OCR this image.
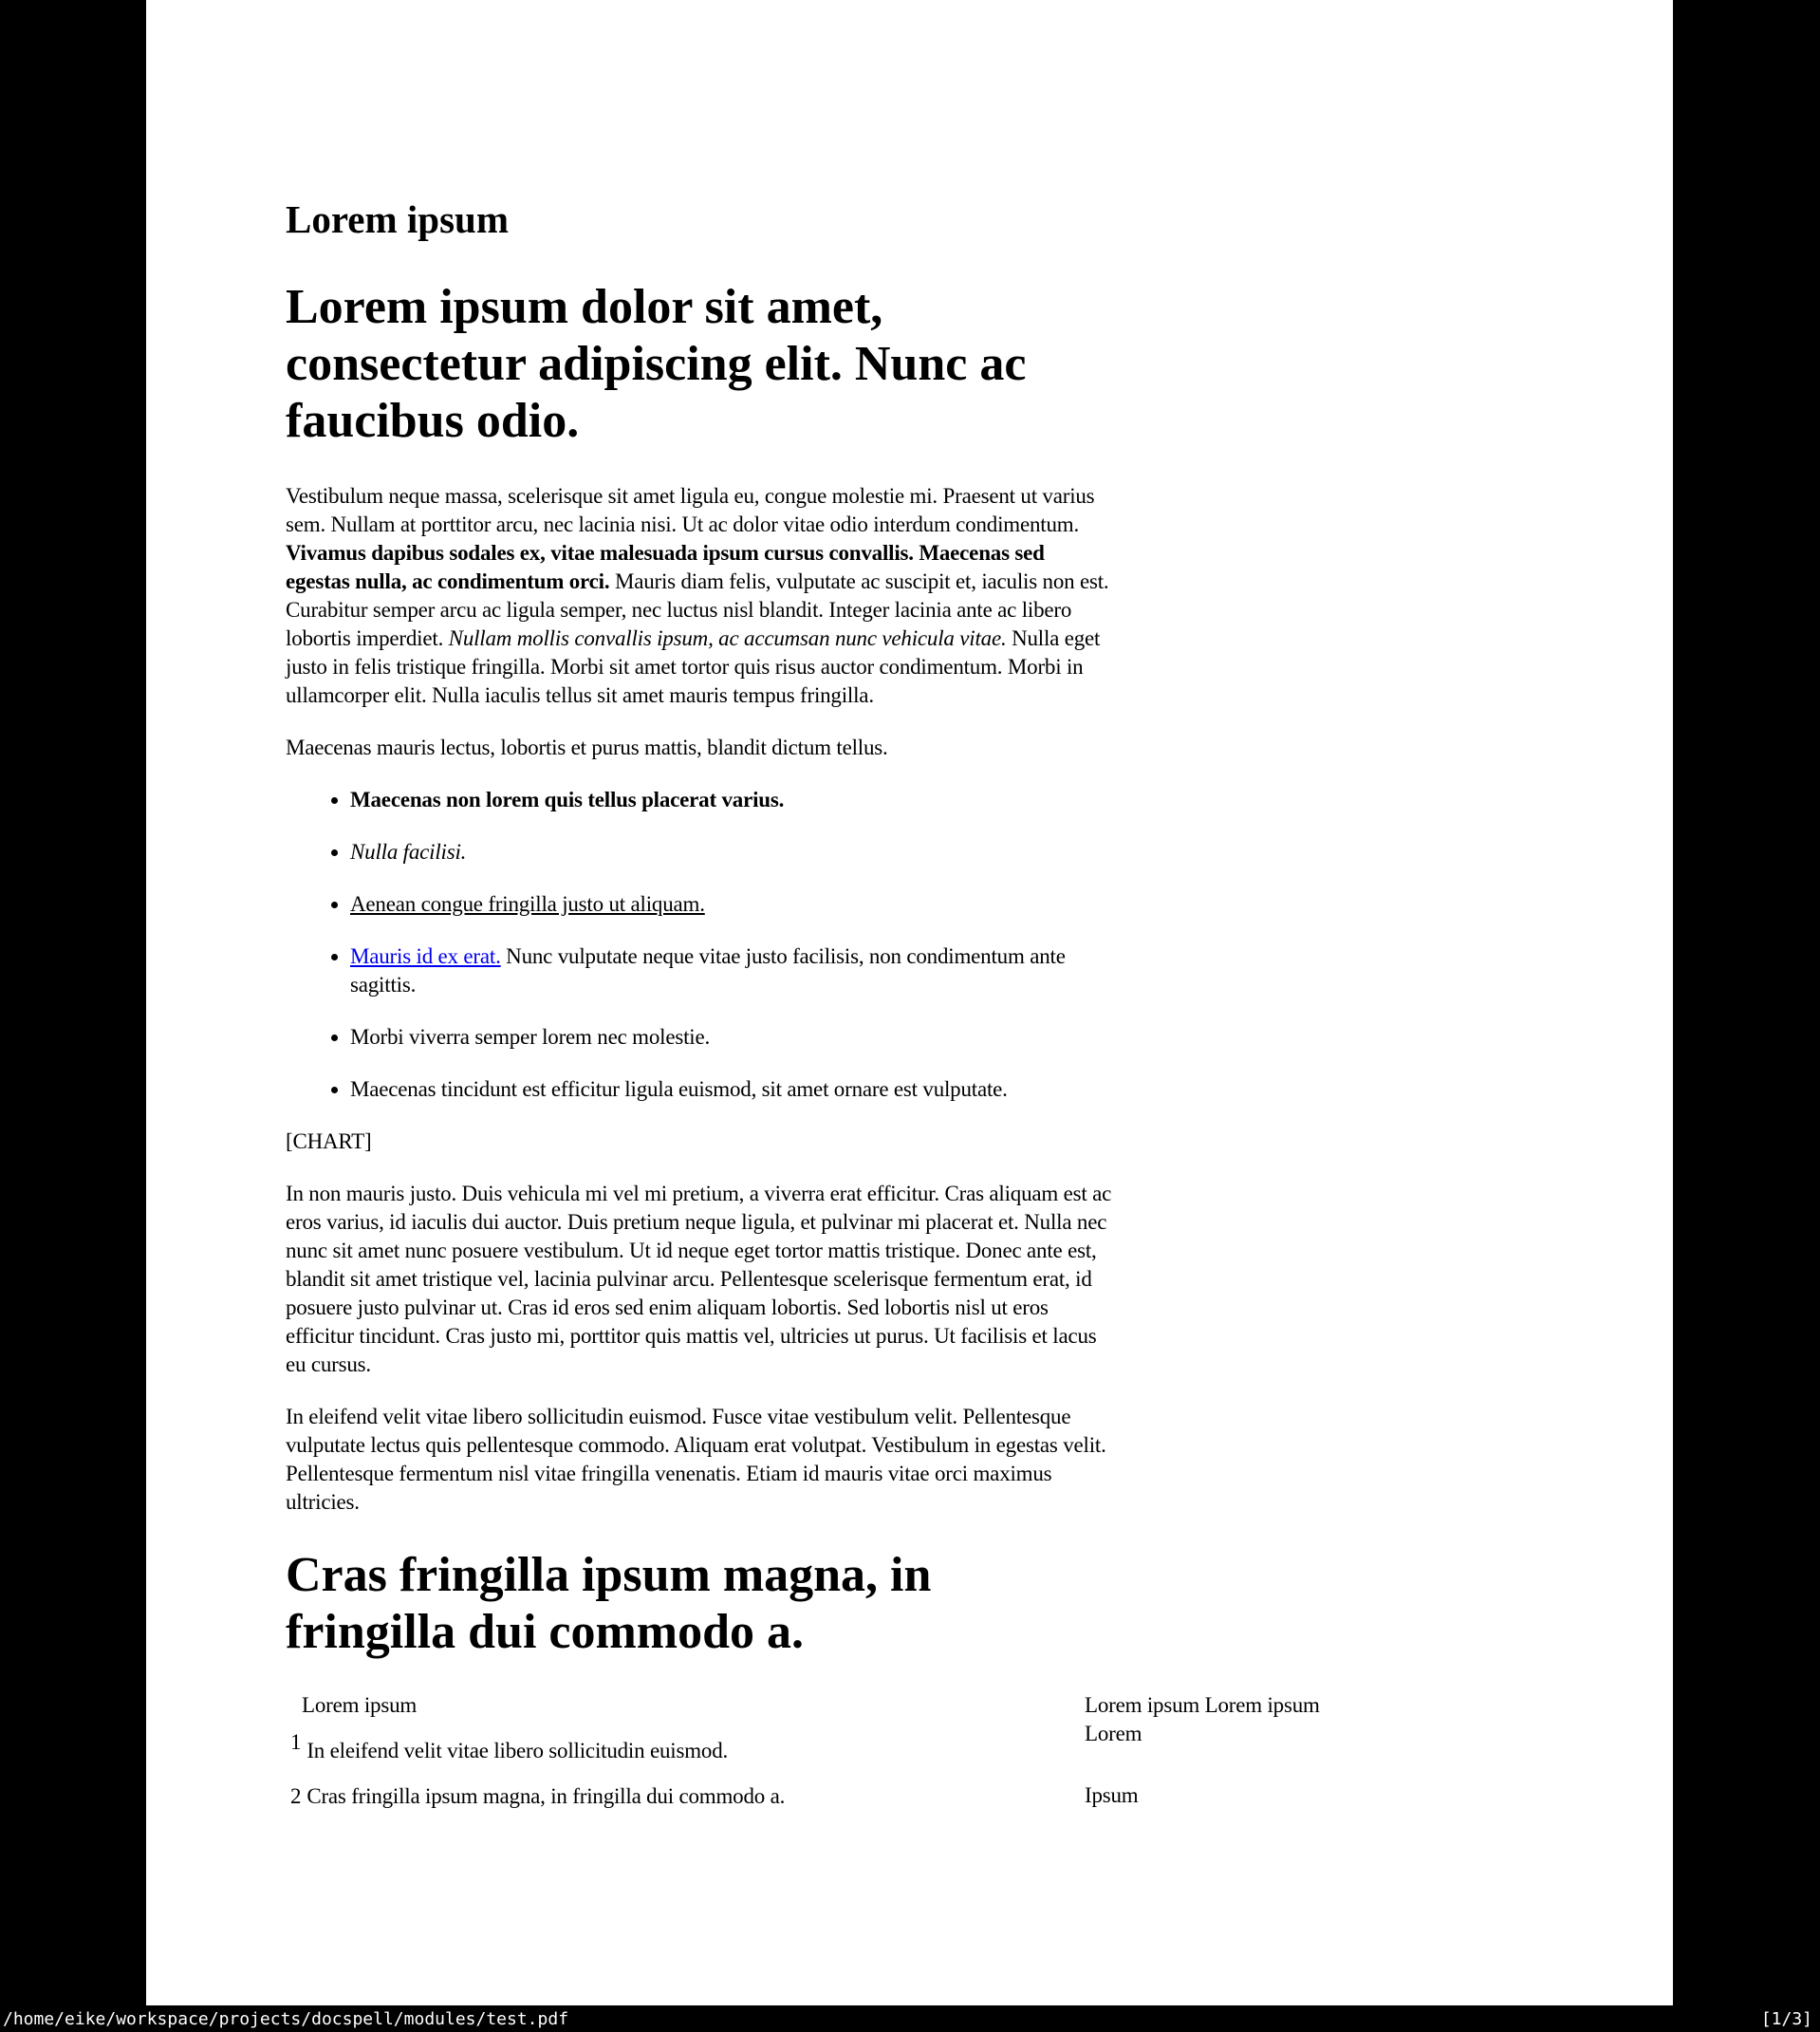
Lorem ipsum
Lorem ipsum dolor sit amet, consectetur adipiscing elit. Nunc ac faucibus odio.

Vestibulum neque massa, scelerisque sit amet ligula eu, congue molestie mi. Praesent ut varius sem. Nullam at porttitor arcu, nec lacinia nisi. Ut ac dolor vitae odio interdum condimentum. Vivamus dapibus sodales ex, vitae malesuada ipsum cursus convallis. Maecenas sed egestas nulla, ac condimentum orci. Mauris diam felis, vulputate ac suscipit et, iaculis non est. Curabitur semper arcu ac ligula semper, nec luctus nisl blandit. Integer lacinia ante ac libero lobortis imperdiet. Nullam mollis convallis ipsum, ac accumsan nunc vehicula vitae. Nulla eget justo in felis tristique fringilla. Morbi sit amet tortor quis risus auctor condimentum. Morbi in ullamcorper elit. Nulla iaculis tellus sit amet mauris tempus fringilla.

Maecenas mauris lectus, lobortis et purus mattis, blandit dictum tellus.

• Maecenas non lorem quis tellus placerat varius.
• Nulla facilisi.
• Aenean congue fringilla justo ut aliquam.
• Mauris id ex erat. Nunc vulputate neque vitae justo facilisis, non condimentum ante sagittis.
• Morbi viverra semper lorem nec molestie.
• Maecenas tincidunt est efficitur ligula euismod, sit amet ornare est vulputate.

[CHART]

In non mauris justo. Duis vehicula mi vel mi pretium, a viverra erat efficitur. Cras aliquam est ac eros varius, id iaculis dui auctor. Duis pretium neque ligula, et pulvinar mi placerat et. Nulla nec nunc sit amet nunc posuere vestibulum. Ut id neque eget tortor mattis tristique. Donec ante est, blandit sit amet tristique vel, lacinia pulvinar arcu. Pellentesque scelerisque fermentum erat, id posuere justo pulvinar ut. Cras id eros sed enim aliquam lobortis. Sed lobortis nisl ut eros efficitur tincidunt. Cras justo mi, porttitor quis mattis vel, ultricies ut purus. Ut facilisis et lacus eu cursus.

In eleifend velit vitae libero sollicitudin euismod. Fusce vitae vestibulum velit. Pellentesque vulputate lectus quis pellentesque commodo. Aliquam erat volutpat. Vestibulum in egestas velit. Pellentesque fermentum nisl vitae fringilla venenatis. Etiam id mauris vitae orci maximus ultricies.

Cras fringilla ipsum magna, in fringilla dui commodo a.
Lorem ipsum
1 In eleifend velit vitae libero sollicitudin euismod.
2 Cras fringilla ipsum magna, in fringilla dui commodo a.
Lorem ipsum Lorem ipsum Lorem
Ipsum
/home/eike/workspace/projects/docspell/modules/test.pdf	[1/3]
